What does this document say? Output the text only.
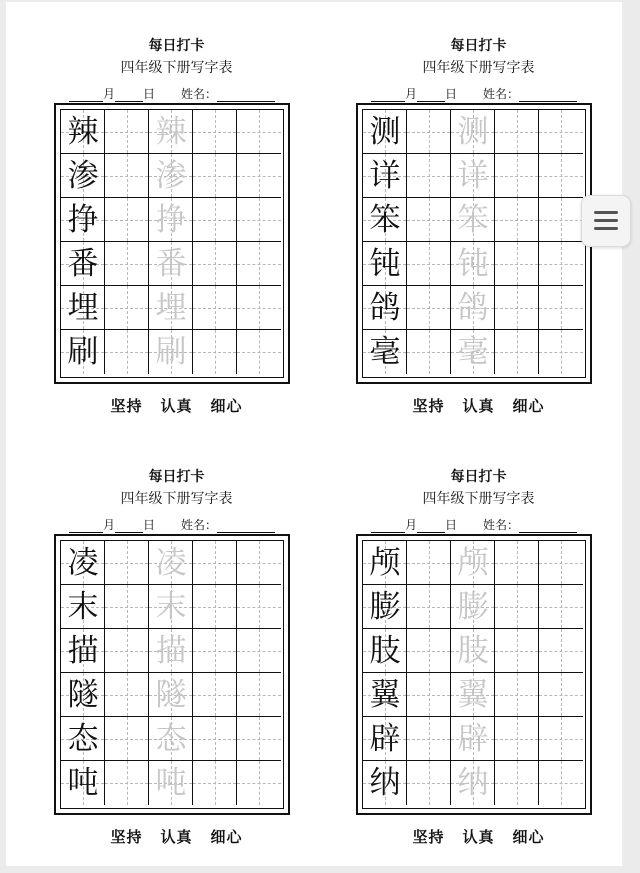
每日打卡
四年级下册写字表
月 日 姓名：
辣 辣
渗 渗
挣 挣
番 番
埋 埋
刷 刷
坚持 认真 细心
每日打卡
四年级下册写字表
月 日 姓名：
测 测
详 详
笨 笨
钝 钝
鸽 鸽
毫 毫
坚持 认真 细心
每日打卡
四年级下册写字表
月 日 姓名：
凌 凌
末 末
描 描
隧 隧
态 态
吨 吨
坚持 认真 细心
每日打卡
四年级下册写字表
月 日 姓名：
颅 颅
膨 膨
肢 肢
翼 翼
辟 辟
纳 纳
坚持 认真 细心
